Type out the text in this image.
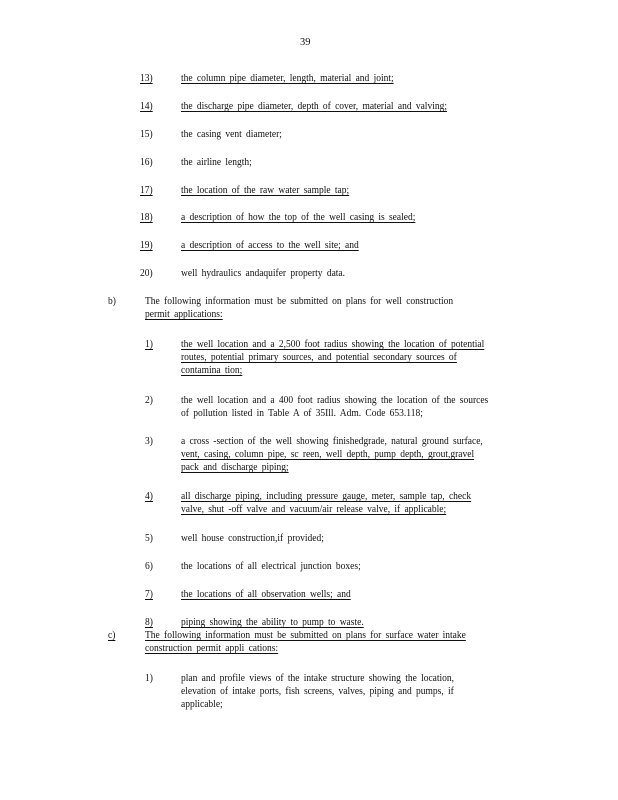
39
13)	the column pipe diameter, length, material and joint;
14)	the discharge pipe diameter, depth of cover, material and valving;
15)	the casing vent diameter;
16)	the airline length;
17)	the location of the raw water sample tap;
18)	a description of how the top of the well casing is sealed;
19)	a description of access to the well site; and
20)	well hydraulics andaquifer property data.
b)	The following information must be submitted on plans for well construction
permit applications:
1)	the well location and a 2,500 foot radius showing the location of potential
routes, potential primary sources, and potential secondary sources of
contamina tion;
2)	the well location and a 400 foot radius showing the location of the sources
of pollution listed in Table A of 35Ill. Adm. Code 653.118;
3)	a cross -section of the well showing finishedgrade, natural ground surface,
vent, casing, column pipe, sc reen, well depth, pump depth, grout,gravel
pack and discharge piping;
4)	all discharge piping, including pressure gauge, meter, sample tap, check
valve, shut -off valve and vacuum/air release valve, if applicable;
5)	well house construction,if provided;
6)	the locations of all electrical junction boxes;
7)	the locations of all observation wells; and
8)	piping showing the ability to pump to waste.
c)	The following information must be submitted on plans for surface water intake
construction permit appli cations:
1)	plan and profile views of the intake structure showing the location,
elevation of intake ports, fish screens, valves, piping and pumps, if
applicable;
